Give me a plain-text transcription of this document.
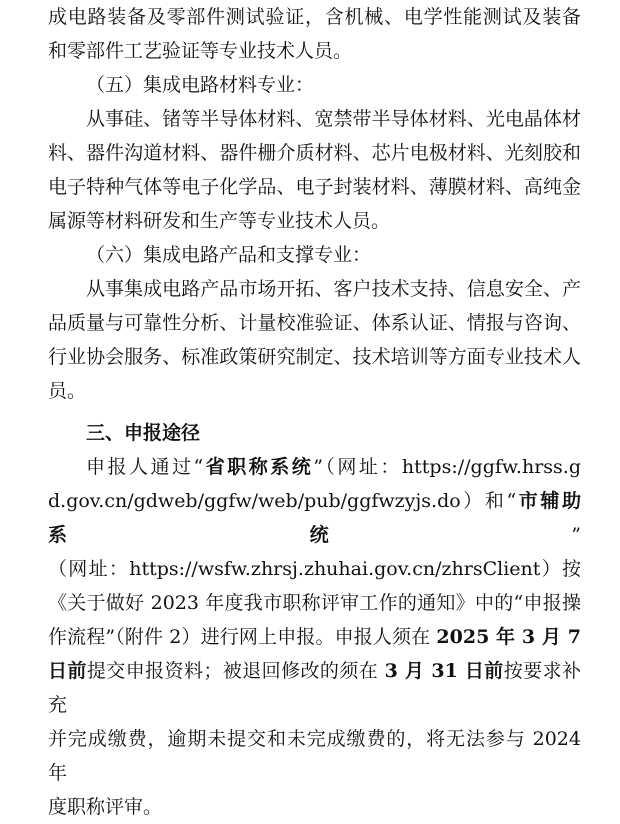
成电路装备及零部件测试验证，含机械、电学性能测试及装备
和零部件工艺验证等专业技术人员。
（五）集成电路材料专业：
从事硅、锗等半导体材料、宽禁带半导体材料、光电晶体材
料、器件沟道材料、器件栅介质材料、芯片电极材料、光刻胶和
电子特种气体等电子化学品、电子封装材料、薄膜材料、高纯金
属源等材料研发和生产等专业技术人员。
（六）集成电路产品和支撑专业：
从事集成电路产品市场开拓、客户技术支持、信息安全、产
品质量与可靠性分析、计量校准验证、体系认证、情报与咨询、
行业协会服务、标准政策研究制定、技术培训等方面专业技术人
员。
三、申报途径
申报人通过“省职称系统”（网址：https://ggfw.hrss.g
d.gov.cn/gdweb/ggfw/web/pub/ggfwzyjs.do）和“市辅助系统”
（网址：https://wsfw.zhrsj.zhuhai.gov.cn/zhrsClient）按
《关于做好 2023 年度我市职称评审工作的通知》中的“申报操
作流程”（附件 2）进行网上申报。申报人须在 2025 年 3 月 7
日前提交申报资料；被退回修改的须在 3 月 31 日前按要求补充
并完成缴费，逾期未提交和未完成缴费的，将无法参与 2024 年
度职称评审。
